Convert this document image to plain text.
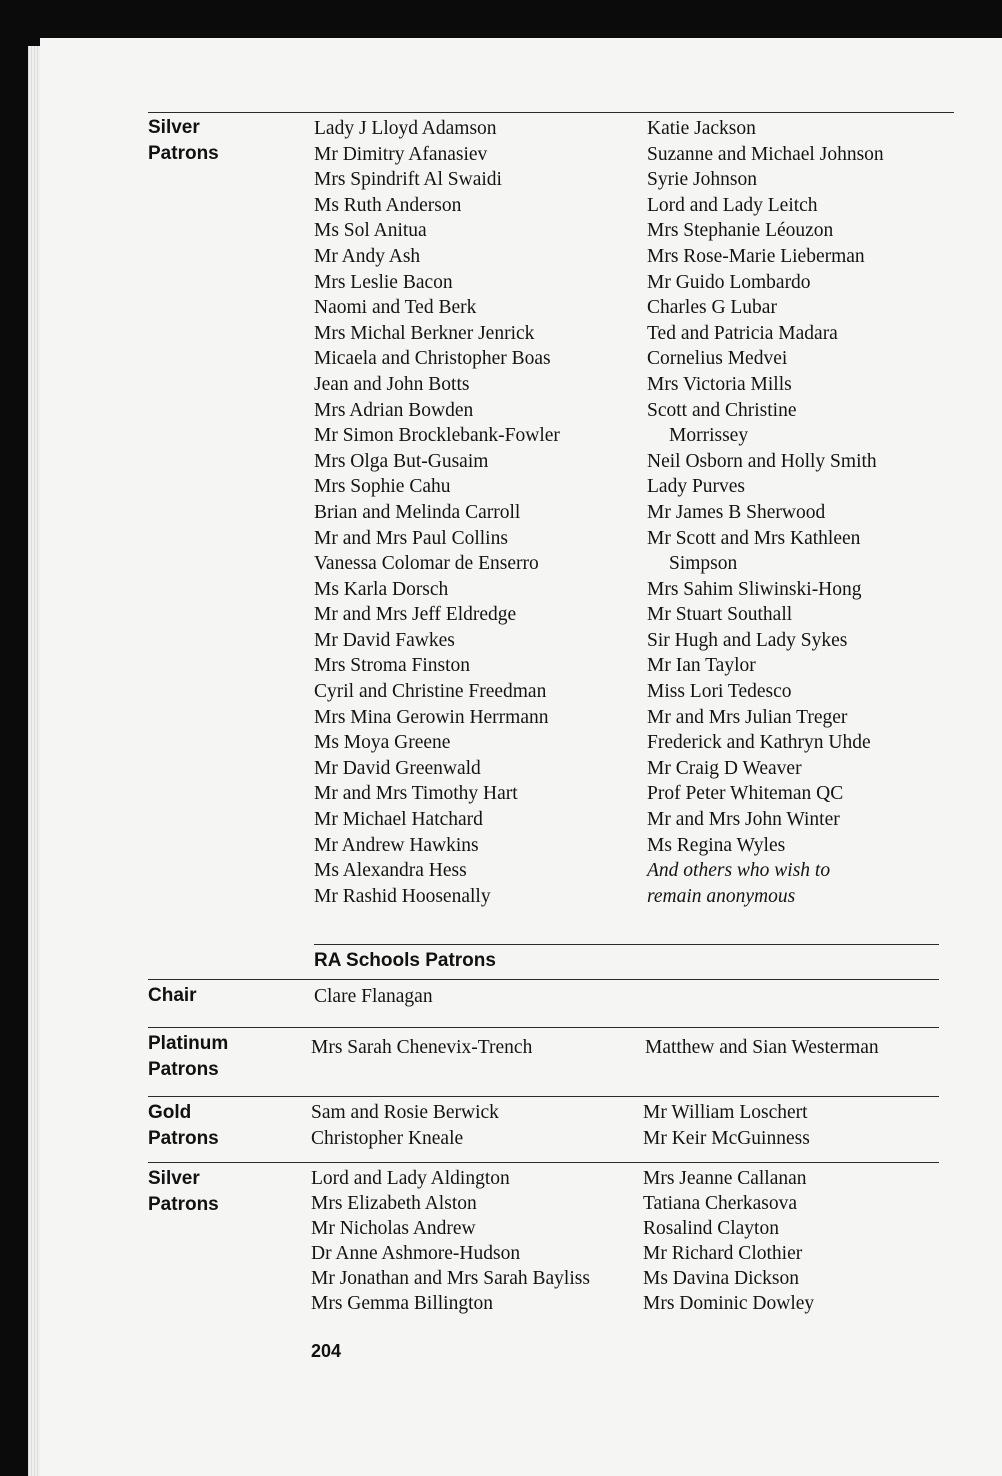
Silver
Patrons
Lady J Lloyd Adamson
Mr Dimitry Afanasiev
Mrs Spindrift Al Swaidi
Ms Ruth Anderson
Ms Sol Anitua
Mr Andy Ash
Mrs Leslie Bacon
Naomi and Ted Berk
Mrs Michal Berkner Jenrick
Micaela and Christopher Boas
Jean and John Botts
Mrs Adrian Bowden
Mr Simon Brocklebank-Fowler
Mrs Olga But-Gusaim
Mrs Sophie Cahu
Brian and Melinda Carroll
Mr and Mrs Paul Collins
Vanessa Colomar de Enserro
Ms Karla Dorsch
Mr and Mrs Jeff Eldredge
Mr David Fawkes
Mrs Stroma Finston
Cyril and Christine Freedman
Mrs Mina Gerowin Herrmann
Ms Moya Greene
Mr David Greenwald
Mr and Mrs Timothy Hart
Mr Michael Hatchard
Mr Andrew Hawkins
Ms Alexandra Hess
Mr Rashid Hoosenally
Katie Jackson
Suzanne and Michael Johnson
Syrie Johnson
Lord and Lady Leitch
Mrs Stephanie Léouzon
Mrs Rose-Marie Lieberman
Mr Guido Lombardo
Charles G Lubar
Ted and Patricia Madara
Cornelius Medvei
Mrs Victoria Mills
Scott and Christine
Morrissey
Neil Osborn and Holly Smith
Lady Purves
Mr James B Sherwood
Mr Scott and Mrs Kathleen
Simpson
Mrs Sahim Sliwinski-Hong
Mr Stuart Southall
Sir Hugh and Lady Sykes
Mr Ian Taylor
Miss Lori Tedesco
Mr and Mrs Julian Treger
Frederick and Kathryn Uhde
Mr Craig D Weaver
Prof Peter Whiteman QC
Mr and Mrs John Winter
Ms Regina Wyles
And others who wish to
remain anonymous
RA Schools Patrons
Chair	Clare Flanagan
Platinum
Patrons
Mrs Sarah Chenevix-Trench	Matthew and Sian Westerman
Gold
Patrons
Sam and Rosie Berwick
Christopher Kneale
Mr William Loschert
Mr Keir McGuinness
Silver
Patrons
Lord and Lady Aldington
Mrs Elizabeth Alston
Mr Nicholas Andrew
Dr Anne Ashmore-Hudson
Mr Jonathan and Mrs Sarah Bayliss
Mrs Gemma Billington
Mrs Jeanne Callanan
Tatiana Cherkasova
Rosalind Clayton
Mr Richard Clothier
Ms Davina Dickson
Mrs Dominic Dowley
204
